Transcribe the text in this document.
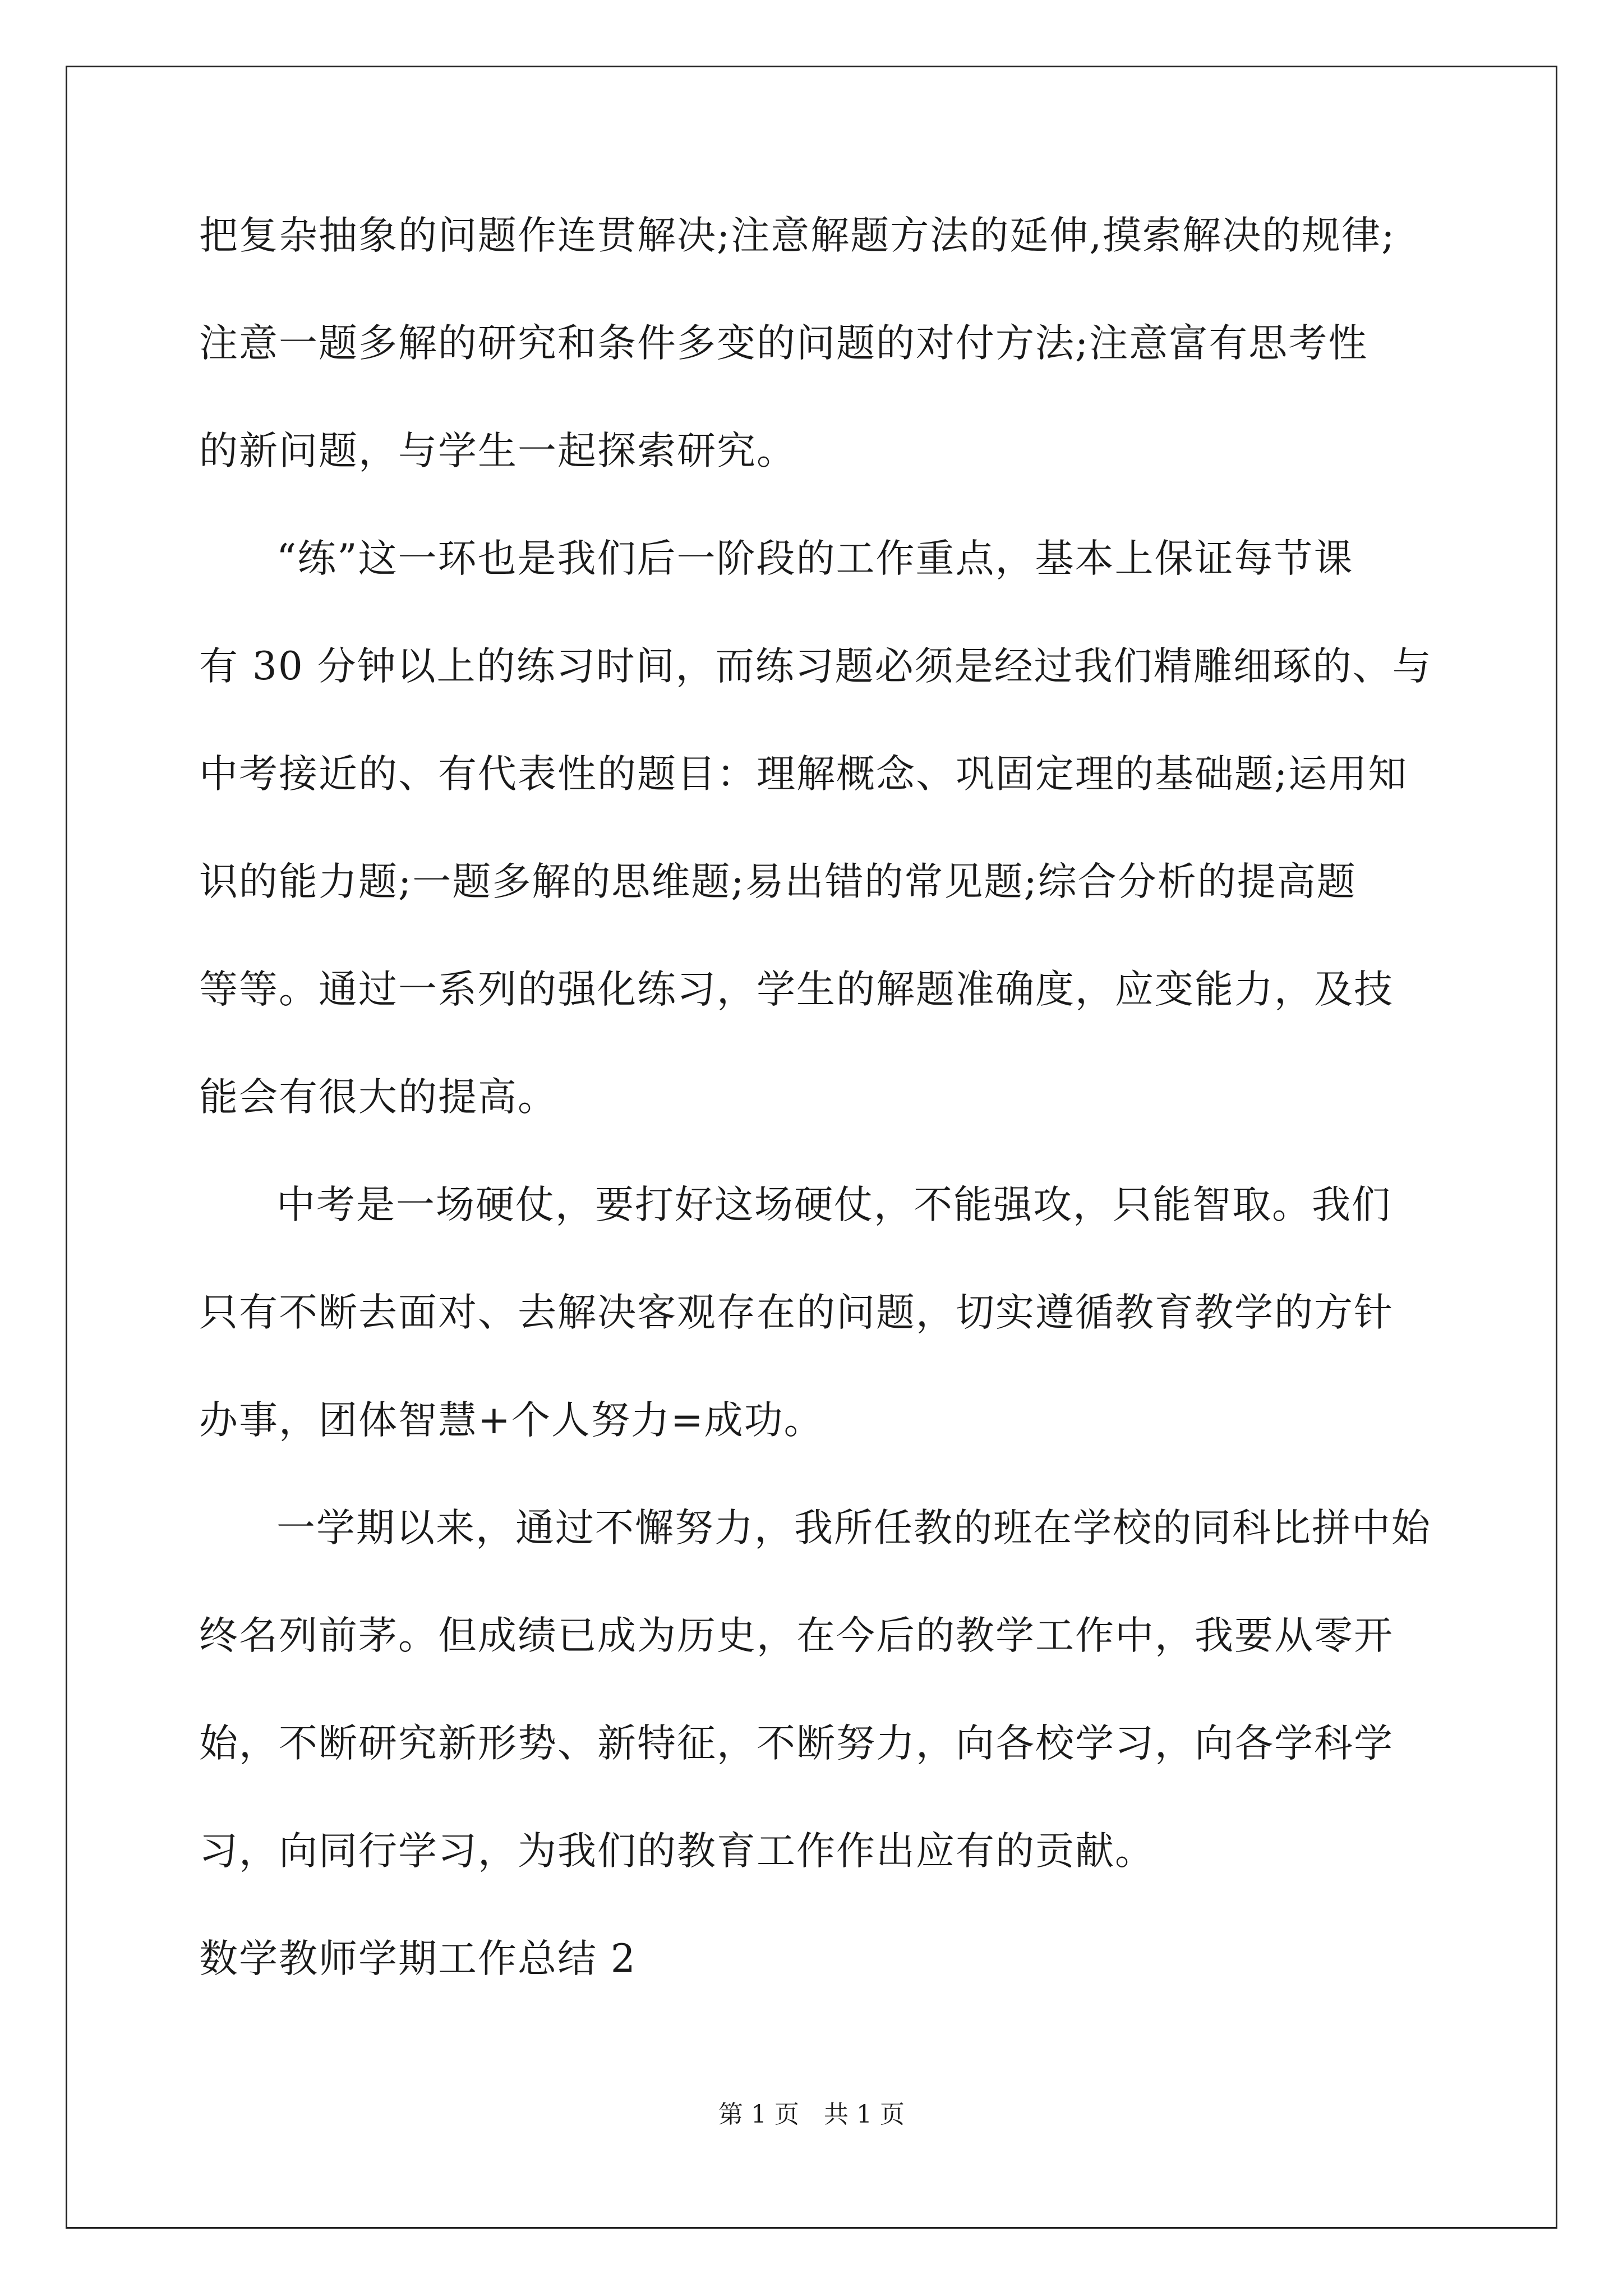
把复杂抽象的问题作连贯解决;注意解题方法的延伸,摸索解决的规律;
注意一题多解的研究和条件多变的问题的对付方法;注意富有思考性
的新问题，与学生一起探索研究。
“练”这一环也是我们后一阶段的工作重点，基本上保证每节课
有 30 分钟以上的练习时间，而练习题必须是经过我们精雕细琢的、与
中考接近的、有代表性的题目：理解概念、巩固定理的基础题;运用知
识的能力题;一题多解的思维题;易出错的常见题;综合分析的提高题
等等。通过一系列的强化练习，学生的解题准确度，应变能力，及技
能会有很大的提高。
中考是一场硬仗，要打好这场硬仗，不能强攻，只能智取。我们
只有不断去面对、去解决客观存在的问题，切实遵循教育教学的方针
办事，团体智慧+个人努力=成功。
一学期以来，通过不懈努力，我所任教的班在学校的同科比拼中始
终名列前茅。但成绩已成为历史，在今后的教学工作中，我要从零开
始，不断研究新形势、新特征，不断努力，向各校学习，向各学科学
习，向同行学习，为我们的教育工作作出应有的贡献。
数学教师学期工作总结 2
第 1 页　共 1 页
